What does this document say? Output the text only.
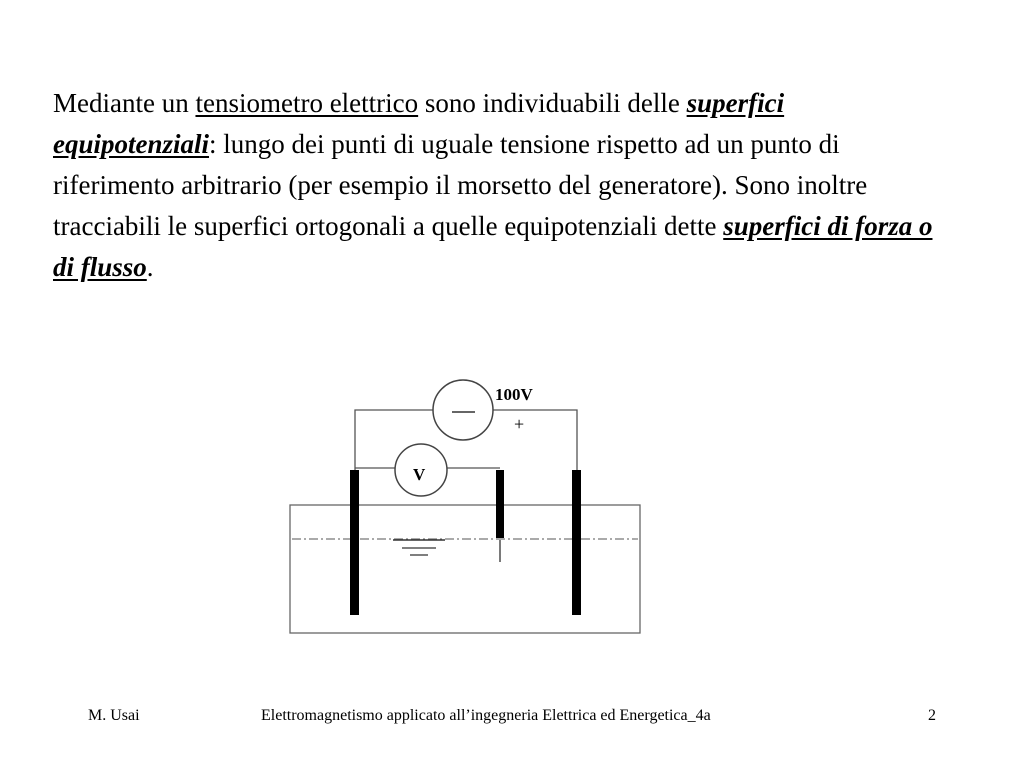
Mediante un tensiometro elettrico sono individuabili delle superfici equipotenziali: lungo dei punti di uguale tensione rispetto ad un punto di riferimento arbitrario (per esempio il morsetto del generatore). Sono inoltre tracciabili le superfici ortogonali a quelle equipotenziali dette superfici di forza o di flusso.

100V
+
V
M. Usai	Elettromagnetismo applicato all’ingegneria Elettrica ed Energetica_4a	2
